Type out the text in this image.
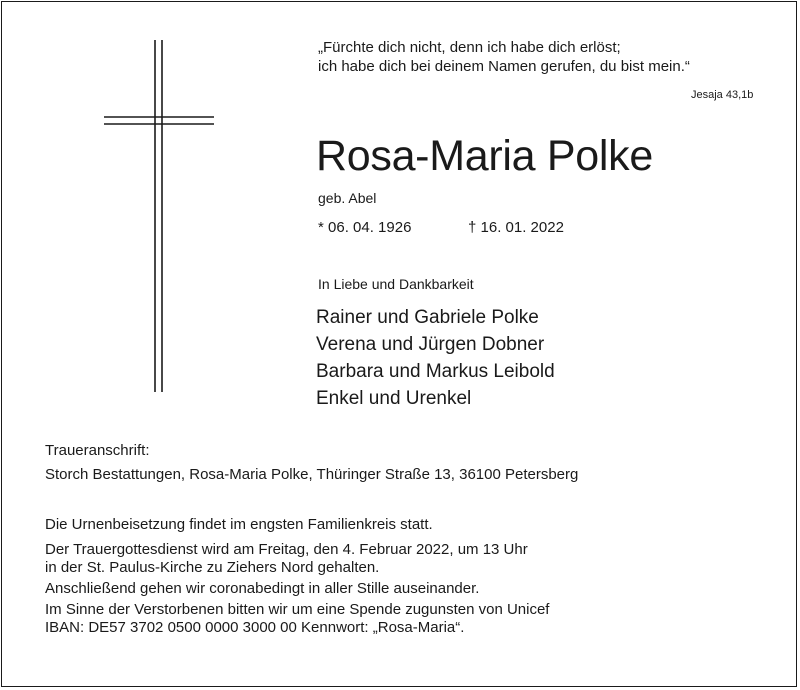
„Fürchte dich nicht, denn ich habe dich erlöst;
ich habe dich bei deinem Namen gerufen, du bist mein.“
Jesaja 43,1b
Rosa-Maria Polke
geb. Abel
* 06. 04. 1926	† 16. 01. 2022
In Liebe und Dankbarkeit
Rainer und Gabriele Polke
Verena und Jürgen Dobner
Barbara und Markus Leibold
Enkel und Urenkel
Traueranschrift:
Storch Bestattungen, Rosa-Maria Polke, Thüringer Straße 13, 36100 Petersberg

Die Urnenbeisetzung findet im engsten Familienkreis statt.

Der Trauergottesdienst wird am Freitag, den 4. Februar 2022, um 13 Uhr

in der St. Paulus-Kirche zu Ziehers Nord gehalten.

Anschließend gehen wir coronabedingt in aller Stille auseinander.

Im Sinne der Verstorbenen bitten wir um eine Spende zugunsten von Unicef

IBAN: DE57 3702 0500 0000 3000 00 Kennwort: „Rosa-Maria“.
